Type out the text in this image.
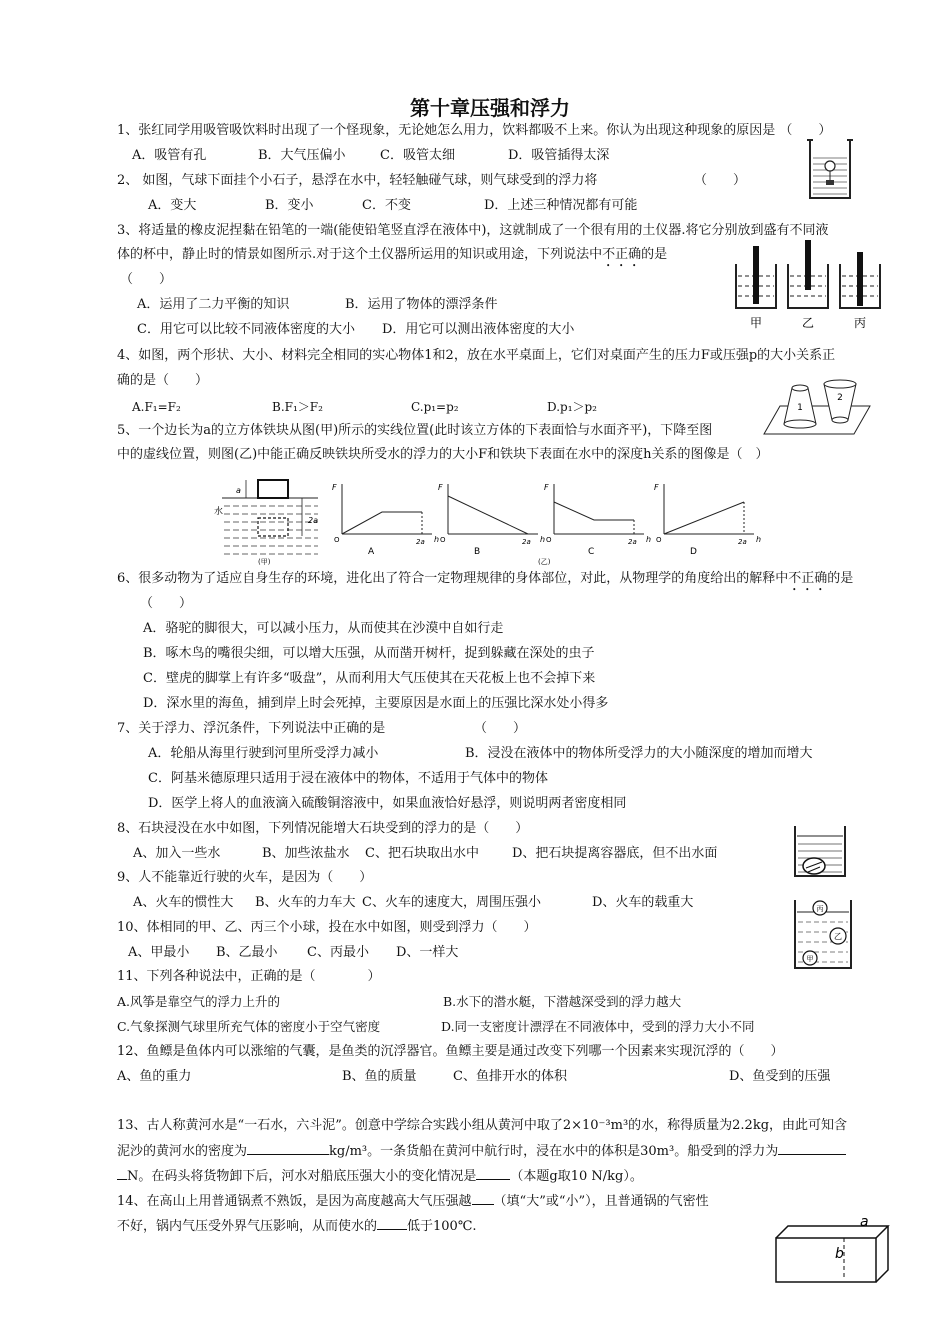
第十章压强和浮力
1、张红同学用吸管吸饮料时出现了一个怪现象，无论她怎么用力，饮料都吸不上来。你认为出现这种现象的原因是 （　　）
A．吸管有孔	B．大气压偏小	C．吸管太细	D．吸管插得太深
2、 如图，气球下面挂个小石子，悬浮在水中，轻轻触碰气球，则气球受到的浮力将	（　　）
A．变大	B．变小	C．不变	D．上述三种情况都有可能
3、将适量的橡皮泥捏黏在铅笔的一端(能使铅笔竖直浮在液体中)，这就制成了一个很有用的土仪器.将它分别放到盛有不同液
体的杯中，静止时的情景如图所示.对于这个土仪器所运用的知识或用途，下列说法中不正确的是
（　　）
A．运用了二力平衡的知识	B．运用了物体的漂浮条件
C．用它可以比较不同液体密度的大小 D．用它可以测出液体密度的大小	甲	乙	丙
4、如图，两个形状、大小、材料完全相同的实心物体1和2，放在水平桌面上，它们对桌面产生的压力F或压强p的大小关系正
确的是（　　）
A.F₁=F₂	B.F₁＞F₂	C.p₁=p₂	D.p₁＞p₂	1
2
5、一个边长为a的立方体铁块从图(甲)所示的实线位置(此时该立方体的下表面恰与水面齐平)，下降至图
中的虚线位置，则图(乙)中能正确反映铁块所受水的浮力的大小F和铁块下表面在水中的深度h关系的图像是（　）
水
a
2a
(甲)
F
O	h
2a
A
F
O	h
2a
B
F
O	h
2a
C
(乙)
F
O	h
2a
D
6、很多动物为了适应自身生存的环境，进化出了符合一定物理规律的身体部位，对此，从物理学的角度给出的解释中不正确的是
（　　）
A．骆驼的脚很大，可以减小压力，从而使其在沙漠中自如行走
B．啄木鸟的嘴很尖细，可以增大压强，从而凿开树杆，捉到躲藏在深处的虫子
C．壁虎的脚掌上有许多“吸盘”，从而利用大气压使其在天花板上也不会掉下来
D．深水里的海鱼，捕到岸上时会死掉，主要原因是水面上的压强比深水处小得多
7、关于浮力、浮沉条件，下列说法中正确的是	（　　）
A．轮船从海里行驶到河里所受浮力减小	B．浸没在液体中的物体所受浮力的大小随深度的增加而增大
C．阿基米德原理只适用于浸在液体中的物体，不适用于气体中的物体
D．医学上将人的血液滴入硫酸铜溶液中，如果血液恰好悬浮，则说明两者密度相同
8、石块浸没在水中如图，下列情况能增大石块受到的浮力的是（　　）
A、加入一些水	B、加些浓盐水 C、把石块取出水中	D、把石块提离容器底，但不出水面
9、人不能靠近行驶的火车，是因为（　　）
A、火车的惯性大 B、火车的力车大 C、火车的速度大，周围压强小	D、火车的载重大
10、体相同的甲、乙、丙三个小球，投在水中如图，则受到浮力（　　）
A、甲最小 B、乙最小 C、丙最小 D、一样大
丙
乙
甲
11、下列各种说法中，正确的是（　　　　）
A.风筝是靠空气的浮力上升的	B.水下的潜水艇，下潜越深受到的浮力越大
C.气象探测气球里所充气体的密度小于空气密度	D.同一支密度计漂浮在不同液体中，受到的浮力大小不同
12、鱼鳔是鱼体内可以涨缩的气囊，是鱼类的沉浮器官。鱼鳔主要是通过改变下列哪一个因素来实现沉浮的（　　）
A、鱼的重力	B、鱼的质量	C、鱼排开水的体积	D、鱼受到的压强
13、古人称黄河水是“一石水，六斗泥”。创意中学综合实践小组从黄河中取了2×10⁻³m³的水，称得质量为2.2kg，由此可知含
泥沙的黄河水的密度为	kg/m³。一条货船在黄河中航行时，浸在水中的体积是30m³。船受到的浮力为
N。在码头将货物卸下后，河水对船底压强大小的变化情况是	（本题g取10 N/kg）。
14、在高山上用普通锅煮不熟饭，是因为高度越高大气压强越 （填“大”或“小”），且普通锅的气密性
不好，锅内气压受外界气压影响，从而使水的 低于100℃.	a
b
